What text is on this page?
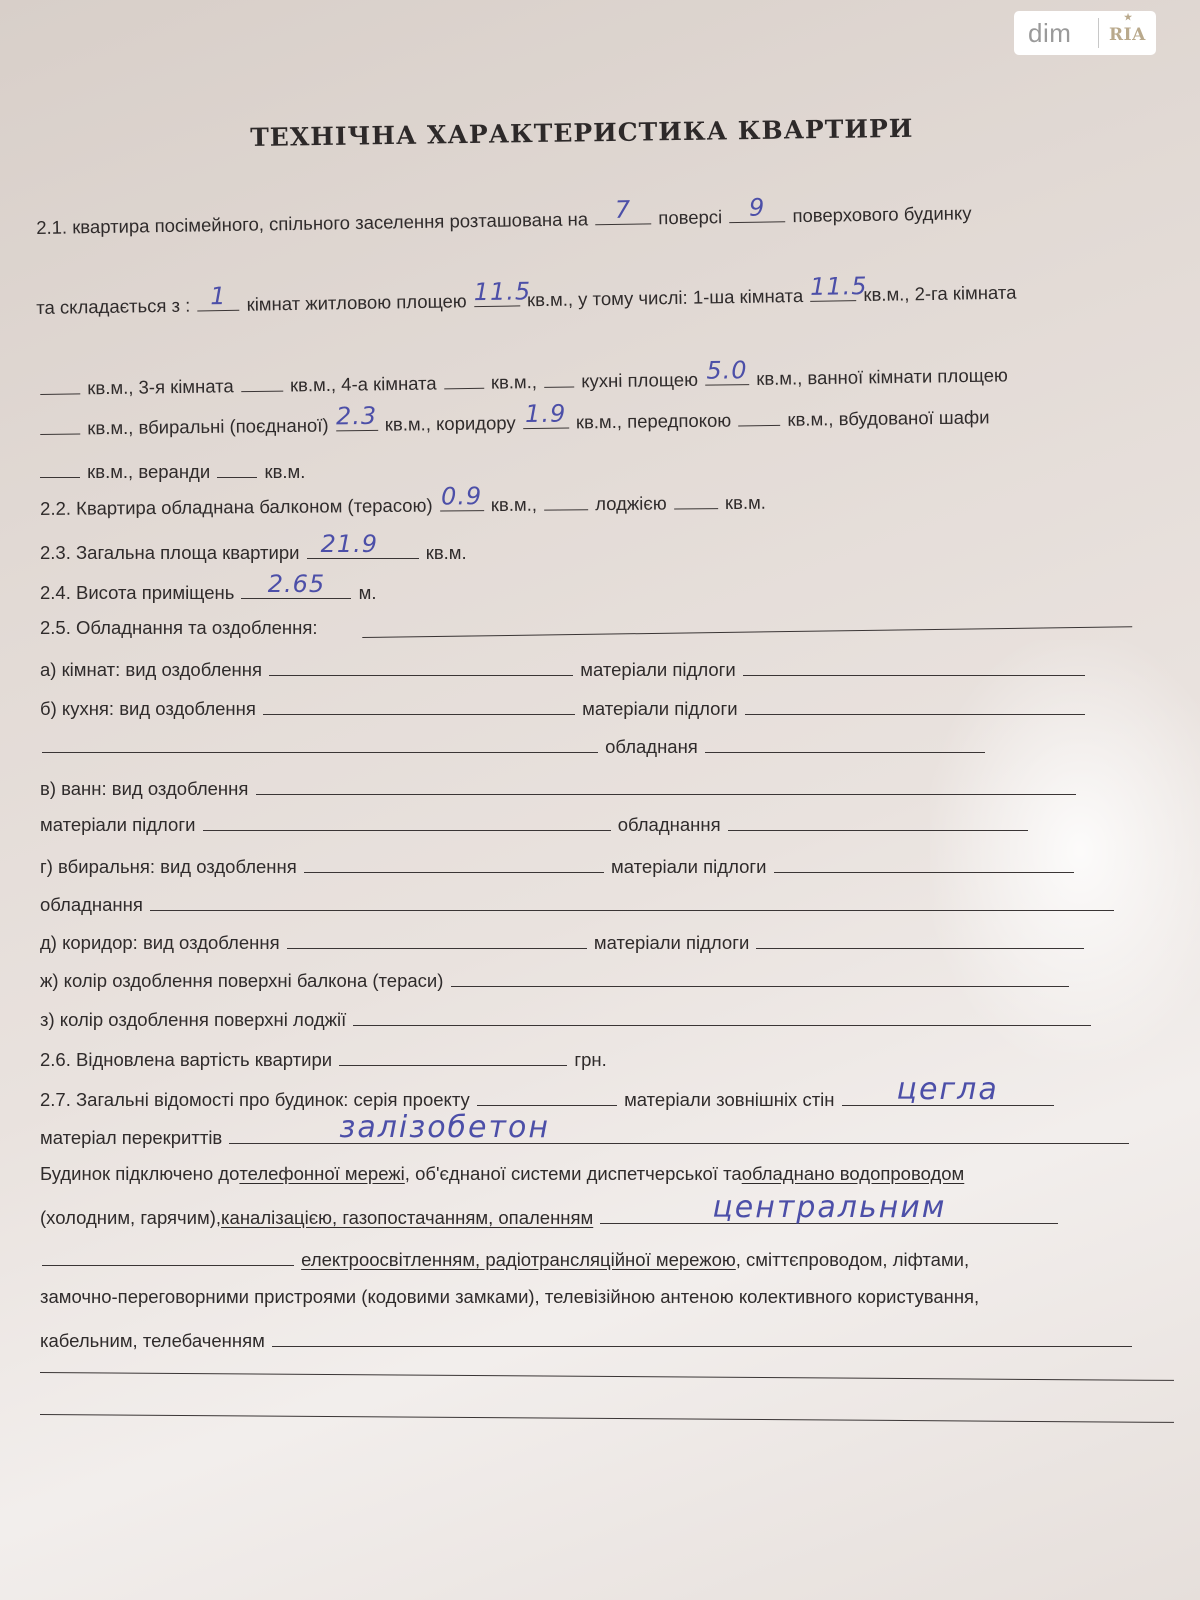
dim
★	RIA
ТЕХНІЧНА ХАРАКТЕРИСТИКА КВАРТИРИ
2.1. квартира посімейного, спільного заселення розташована на	7	поверсі	9	поверхового будинку
та складається з : 1	кімнат житловою площею 11.5
кв.м., у тому числі: 1-ша кімната 11.5
кв.м., 2-га кімната
кв.м., 3-я кімната	кв.м., 4-а кімната	кв.м., кухні площею 5.0 кв.м., ванної кімнати площею
кв.м., вбиральні (поєднаної) 2.3 кв.м., коридору 1.9 кв.м., передпокою	кв.м., вбудованої шафи
кв.м., веранди	кв.м.
2.2. Квартира обладнана балконом (терасою) 0.9 кв.м.,	лоджією	кв.м.
2.3. Загальна площа квартири 21.9	кв.м.
2.4. Висота приміщень	2.65	м.
2.5. Обладнання та оздоблення:
а) кімнат: вид оздоблення	матеріали підлоги
б) кухня: вид оздоблення	матеріали підлоги
обладнаня
в) ванн: вид оздоблення
матеріали підлоги	обладнання
г) вбиральня: вид оздоблення	матеріали підлоги
обладнання
д) коридор: вид оздоблення	матеріали підлоги
ж) колір оздоблення поверхні балкона (тераси)
з) колір оздоблення поверхні лоджії
2.6. Відновлена вартість квартири	грн.
2.7. Загальні відомості про будинок: серія проекту	матеріали зовнішніх стін	цегла
матеріал перекриттів	залізобетон
Будинок підключено дотелефонної мережі, об'єднаної системи диспетчерської таобладнано водопроводом
(холодним, гарячим),каналізацією, газопостачанням, опаленням	центральним
електроосвітленням, радіотрансляційної мережою, сміттєпроводом, ліфтами,
замочно-переговорними пристроями (кодовими замками), телевізійною антеною колективного користування,
кабельним, телебаченням
